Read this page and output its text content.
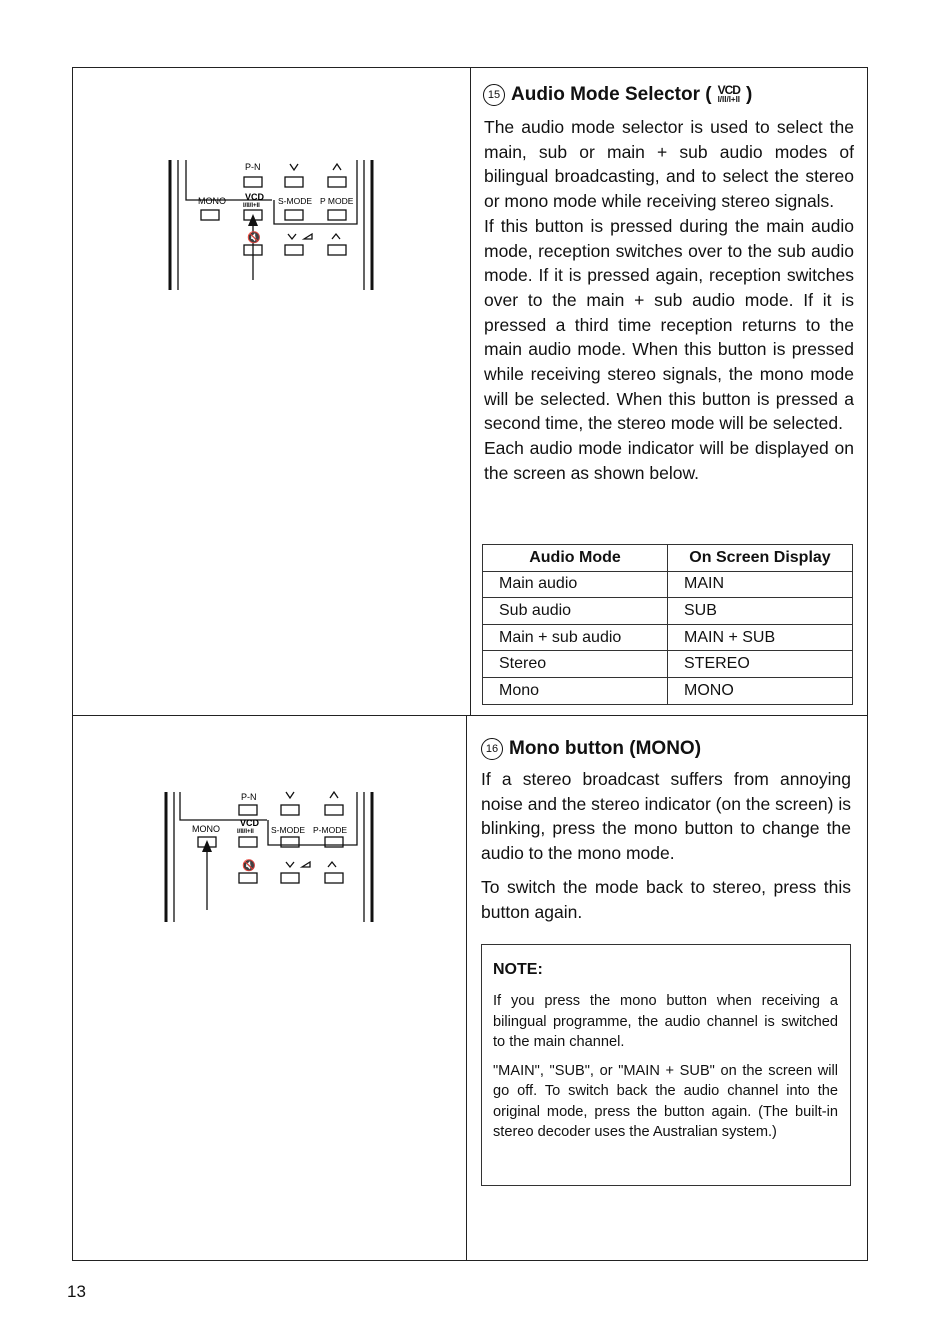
P-N
MONO VCD
I/II/I+II S-MODE P MODE
🔇
15 Audio Mode Selector ( VCD
I/II/I+II )
The audio mode selector is used to select the main, sub or main + sub audio modes of bilingual broadcasting, and to select the stereo or mono mode while receiving stereo signals.
If this button is pressed during the main audio mode, reception switches over to the sub audio mode. If it is pressed again, reception switches over to the main + sub audio mode. If it is pressed a third time reception returns to the main audio mode. When this button is pressed while receiving stereo signals, the mono mode will be selected. When this button is pressed a second time, the stereo mode will be selected.
Each audio mode indicator will be displayed on the screen as shown below.
Audio Mode	On Screen Display
Main audio	MAIN
Sub audio	SUB
Main + sub audio	MAIN + SUB
Stereo	STEREO
Mono	MONO
P-N
MONO
VCD
I/II/I+II S-MODE P-MODE
🔇
16 Mono button (MONO)
If a stereo broadcast suffers from annoying noise and the stereo indicator (on the screen) is blinking, press the mono button to change the audio to the mono mode.
To switch the mode back to stereo, press this button again.
NOTE:

If you press the mono button when receiving a bilingual programme, the audio channel is switched to the main channel.

"MAIN", "SUB", or "MAIN + SUB" on the screen will go off. To switch back the audio channel into the original mode, press the button again. (The built-in stereo decoder uses the Australian system.)

13
